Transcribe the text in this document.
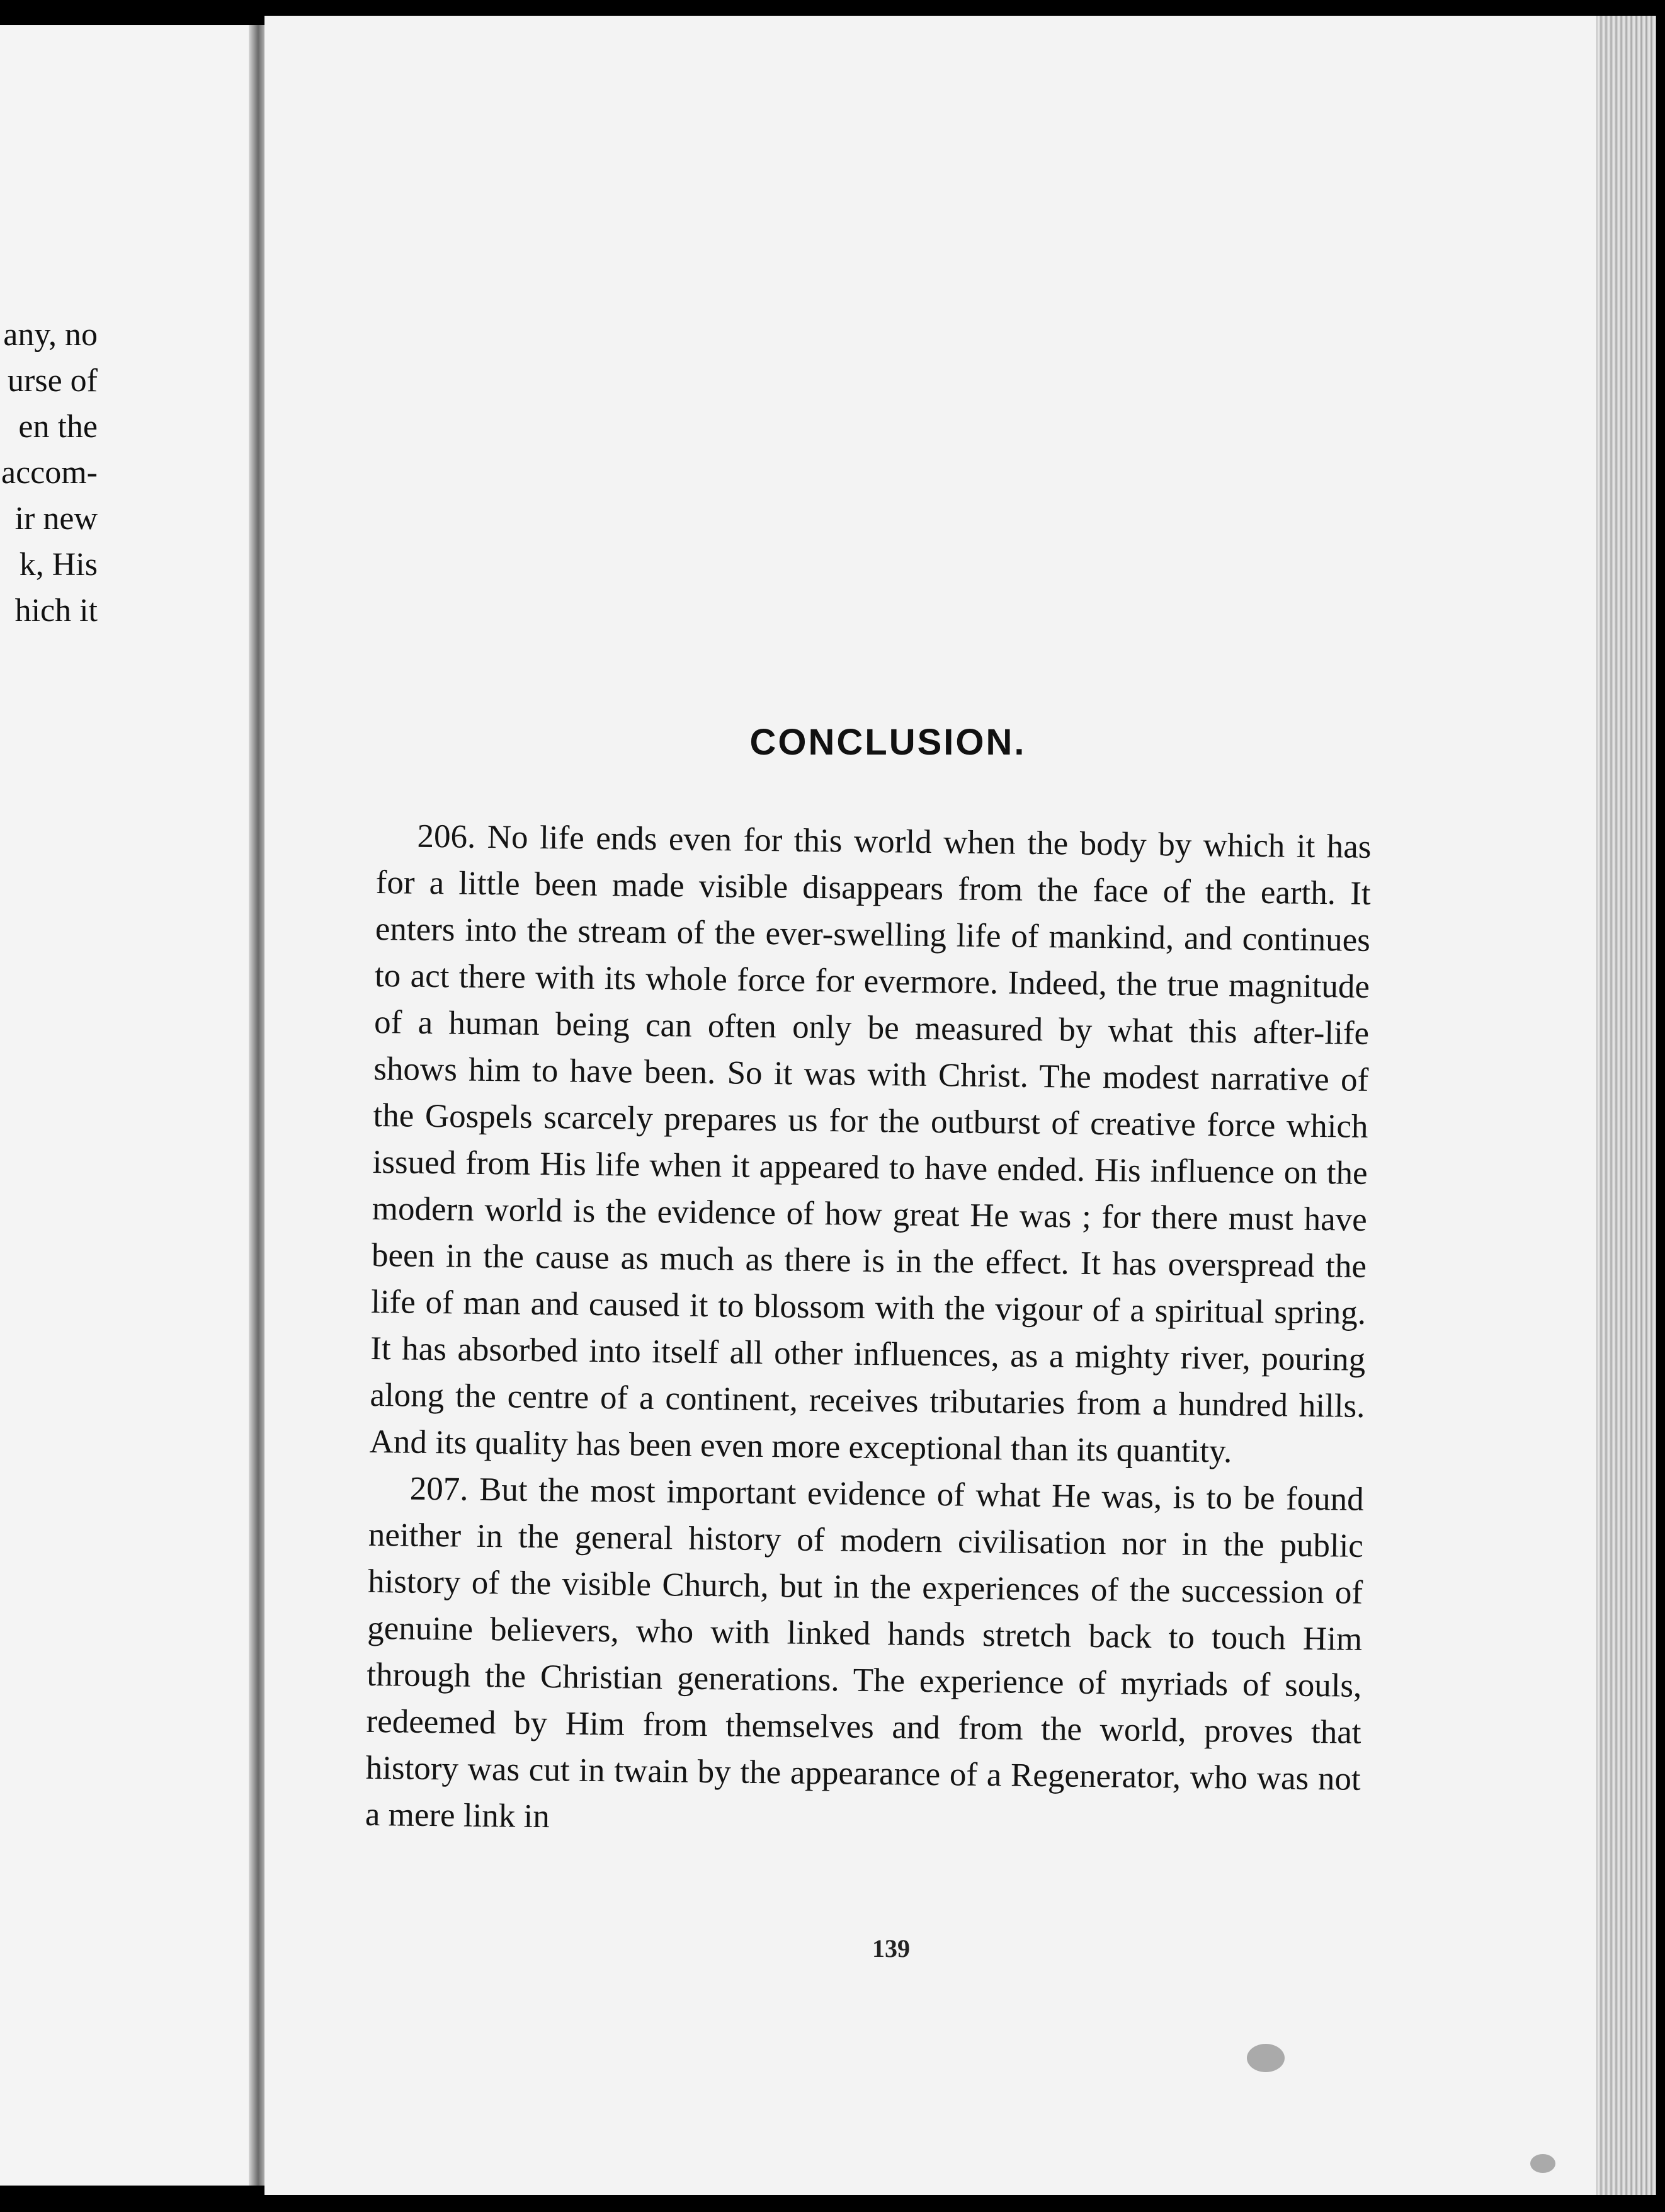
any, no
urse of
en the
accom-
ir new
k, His
hich it
CONCLUSION.

206. No life ends even for this world when the body by which it has for a little been made visible disappears from the face of the earth. It enters into the stream of the ever-swelling life of mankind, and continues to act there with its whole force for evermore. Indeed, the true magnitude of a human being can often only be measured by what this after-life shows him to have been. So it was with Christ. The modest narrative of the Gospels scarcely prepares us for the outburst of creative force which issued from His life when it appeared to have ended. His influence on the modern world is the evidence of how great He was ; for there must have been in the cause as much as there is in the effect. It has overspread the life of man and caused it to blossom with the vigour of a spiritual spring. It has absorbed into itself all other influences, as a mighty river, pouring along the centre of a continent, receives tributaries from a hundred hills. And its quality has been even more exceptional than its quantity.

207. But the most important evidence of what He was, is to be found neither in the general history of modern civilisation nor in the public history of the visible Church, but in the experiences of the succession of genuine believers, who with linked hands stretch back to touch Him through the Christian generations. The experience of myriads of souls, redeemed by Him from themselves and from the world, proves that history was cut in twain by the appearance of a Regenerator, who was not a mere link in

139
